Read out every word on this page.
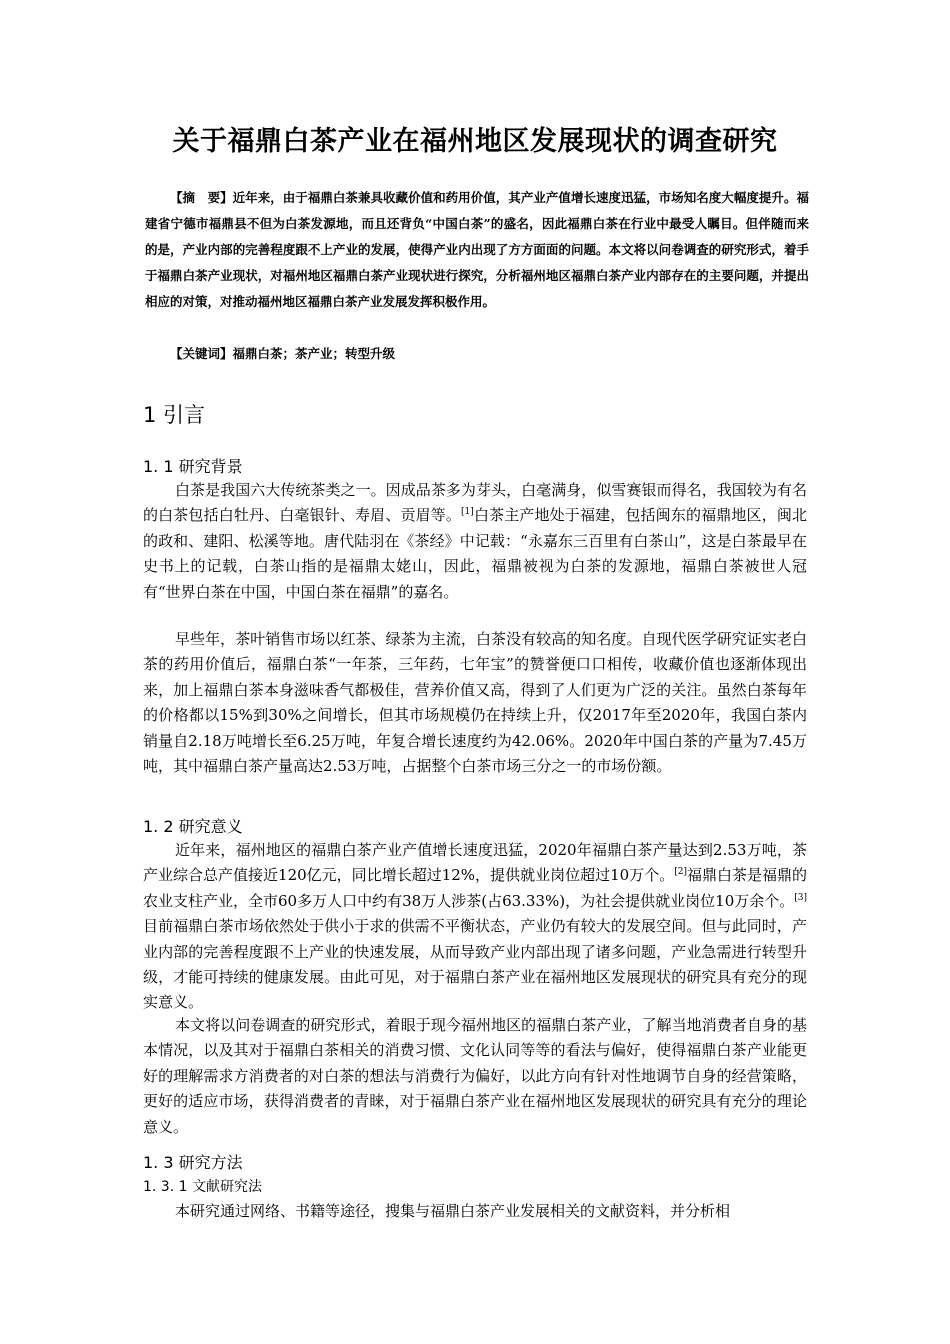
关于福鼎白茶产业在福州地区发展现状的调查研究
【摘　要】近年来，由于福鼎白茶兼具收藏价值和药用价值，其产业产值增长速度迅猛，市场知名度大幅度提升。福建省宁德市福鼎县不但为白茶发源地，而且还背负“中国白茶”的盛名，因此福鼎白茶在行业中最受人瞩目。但伴随而来的是，产业内部的完善程度跟不上产业的发展，使得产业内出现了方方面面的问题。本文将以问卷调查的研究形式，着手于福鼎白茶产业现状，对福州地区福鼎白茶产业现状进行探究，分析福州地区福鼎白茶产业内部存在的主要问题，并提出相应的对策，对推动福州地区福鼎白茶产业发展发挥积极作用。
【关键词】福鼎白茶；茶产业；转型升级
1 引言
1. 1 研究背景
白茶是我国六大传统茶类之一。因成品茶多为芽头，白毫满身，似雪赛银而得名，我国较为有名的白茶包括白牡丹、白毫银针、寿眉、贡眉等。[1]白茶主产地处于福建，包括闽东的福鼎地区，闽北的政和、建阳、松溪等地。唐代陆羽在《茶经》中记载：“永嘉东三百里有白茶山”，这是白茶最早在史书上的记载，白茶山指的是福鼎太姥山，因此，福鼎被视为白茶的发源地，福鼎白茶被世人冠有“世界白茶在中国，中国白茶在福鼎”的嘉名。
早些年，茶叶销售市场以红茶、绿茶为主流，白茶没有较高的知名度。自现代医学研究证实老白茶的药用价值后，福鼎白茶“一年茶，三年药，七年宝”的赞誉便口口相传，收藏价值也逐渐体现出来，加上福鼎白茶本身滋味香气都极佳，营养价值又高，得到了人们更为广泛的关注。虽然白茶每年的价格都以15%到30%之间增长，但其市场规模仍在持续上升，仅2017年至2020年，我国白茶内销量自2.18万吨增长至6.25万吨，年复合增长速度约为42.06%。2020年中国白茶的产量为7.45万吨，其中福鼎白茶产量高达2.53万吨，占据整个白茶市场三分之一的市场份额。
1. 2 研究意义
近年来，福州地区的福鼎白茶产业产值增长速度迅猛，2020年福鼎白茶产量达到2.53万吨，茶产业综合总产值接近120亿元，同比增长超过12%，提供就业岗位超过10万个。[2]福鼎白茶是福鼎的农业支柱产业，全市60多万人口中约有38万人涉茶(占63.33%)，为社会提供就业岗位10万余个。[3]目前福鼎白茶市场依然处于供小于求的供需不平衡状态，产业仍有较大的发展空间。但与此同时，产业内部的完善程度跟不上产业的快速发展，从而导致产业内部出现了诸多问题，产业急需进行转型升级，才能可持续的健康发展。由此可见，对于福鼎白茶产业在福州地区发展现状的研究具有充分的现实意义。
本文将以问卷调查的研究形式，着眼于现今福州地区的福鼎白茶产业，了解当地消费者自身的基本情况，以及其对于福鼎白茶相关的消费习惯、文化认同等等的看法与偏好，使得福鼎白茶产业能更好的理解需求方消费者的对白茶的想法与消费行为偏好，以此方向有针对性地调节自身的经营策略，更好的适应市场，获得消费者的青睐，对于福鼎白茶产业在福州地区发展现状的研究具有充分的理论意义。
1. 3 研究方法
1. 3. 1 文献研究法
本研究通过网络、书籍等途径，搜集与福鼎白茶产业发展相关的文献资料，并分析相
